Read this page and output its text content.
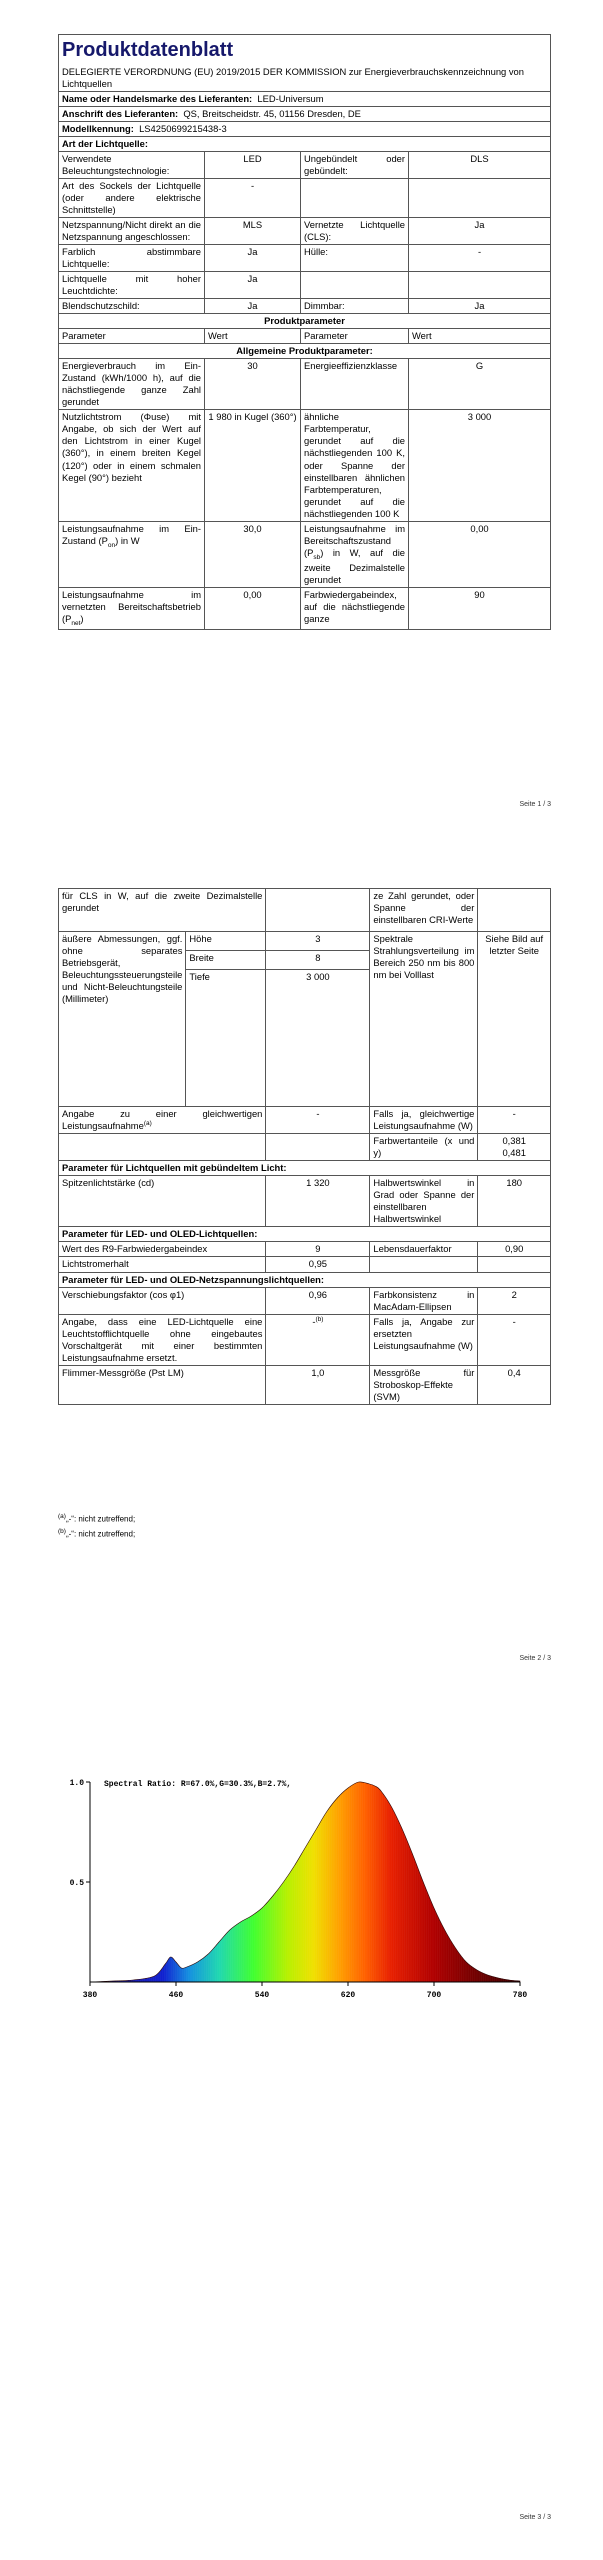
Produktdatenblatt			
DELEGIERTE VERORDNUNG (EU) 2019/2015 DER KOMMISSION zur Energieverbrauchskennzeichnung von Lichtquellen			
Name oder Handelsmarke des Lieferanten: LED-Universum			
Anschrift des Lieferanten: QS, Breitscheidstr. 45, 01156 Dresden, DE			
Modellkennung: LS4250699215438-3			
Art der Lichtquelle:			
Verwendete Beleuchtungstechnologie:	LED	Ungebündelt oder gebündelt:	DLS
Art des Sockels der Lichtquelle (oder andere elektrische Schnittstelle)	-		
Netzspannung/Nicht direkt an die Netzspannung angeschlossen:	MLS	Vernetzte Lichtquelle (CLS):	Ja
Farblich abstimmbare Lichtquelle:	Ja	Hülle:	-
Lichtquelle mit hoher Leuchtdichte:	Ja		
Blendschutzschild:	Ja	Dimmbar:	Ja
Produktparameter			
Parameter	Wert	Parameter	Wert
Allgemeine Produktparameter:			
Energieverbrauch im Ein-Zustand (kWh/1000 h), auf die nächstliegende ganze Zahl gerundet	30	Energieeffizienzklasse	G
Nutzlichtstrom (Φuse) mit Angabe, ob sich der Wert auf den Lichtstrom in einer Kugel (360°), in einem breiten Kegel (120°) oder in einem schmalen Kegel (90°) bezieht	1 980 in Kugel (360°)	ähnliche Farbtemperatur, gerundet auf die nächstliegenden 100 K, oder Spanne der einstellbaren ähnlichen Farbtemperaturen, gerundet auf die nächstliegenden 100 K	3 000
Leistungsaufnahme im Ein-Zustand $(P_{on})$ in W	30,0	Leistungsaufnahme im Bereitschaftszustand $(P_{sb})$ in W, auf die zweite Dezimalstelle gerundet	0,00
Leistungsaufnahme im vernetzten Bereitschaftsbetrieb $(P_{net})$	0,00	Farbwiedergabeindex, auf die nächstliegende ganze	90
Seite 1 / 3
für CLS in W, auf die zweite Dezimalstelle gerundet			ze Zahl gerundet, oder Spanne der einstellbaren CRI-Werte	
äußere Abmessungen, ggf. ohne separates Betriebsgerät, Beleuchtungssteuerungsteile und Nicht-Beleuchtungsteile (Millimeter)	Höhe	3	Spektrale Strahlungsverteilung im Bereich 250 nm bis 800 nm bei Volllast	Siehe Bild auf letzter Seite
	Breite	8		
	Tiefe	3 000		
Angabe zu einer gleichwertigen Leistungsaufnahme$^{(a)}$		-	Falls ja, gleichwertige Leistungsaufnahme (W)	-
			Farbwertanteile (x und y)	0,381
0,481

Parameter für Lichtquellen mit gebündeltem Licht:				
Spitzenlichtstärke (cd)		1 320	Halbwertswinkel in Grad oder Spanne der einstellbaren Halbwertswinkel	180
Parameter für LED- und OLED-Lichtquellen:				
Wert des R9-Farbwiedergabeindex		9	Lebensdauerfaktor	0,90
Lichtstromerhalt		0,95		
Parameter für LED- und OLED-Netzspannungslichtquellen:				
Verschiebungsfaktor (cos φ1)		0,96	Farbkonsistenz in MacAdam-Ellipsen	2
Angabe, dass eine LED-Lichtquelle eine Leuchtstofflichtquelle ohne eingebautes Vorschaltgerät mit einer bestimmten Leistungsaufnahme ersetzt.		-$^{(b)}$	Falls ja, Angabe zur ersetzten Leistungsaufnahme (W)	-
Flimmer-Messgröße (Pst LM)		1,0	Messgröße für Stroboskop-Effekte (SVM)	0,4
$^{(a)}$„-“: nicht zutreffend;
$^{(b)}$„-“: nicht zutreffend;
Seite 2 / 3
380	460	540	620	700	780
1.0
0.5
Spectral Ratio: R=67.0%,G=30.3%,B=2.7%,
Seite 3 / 3
